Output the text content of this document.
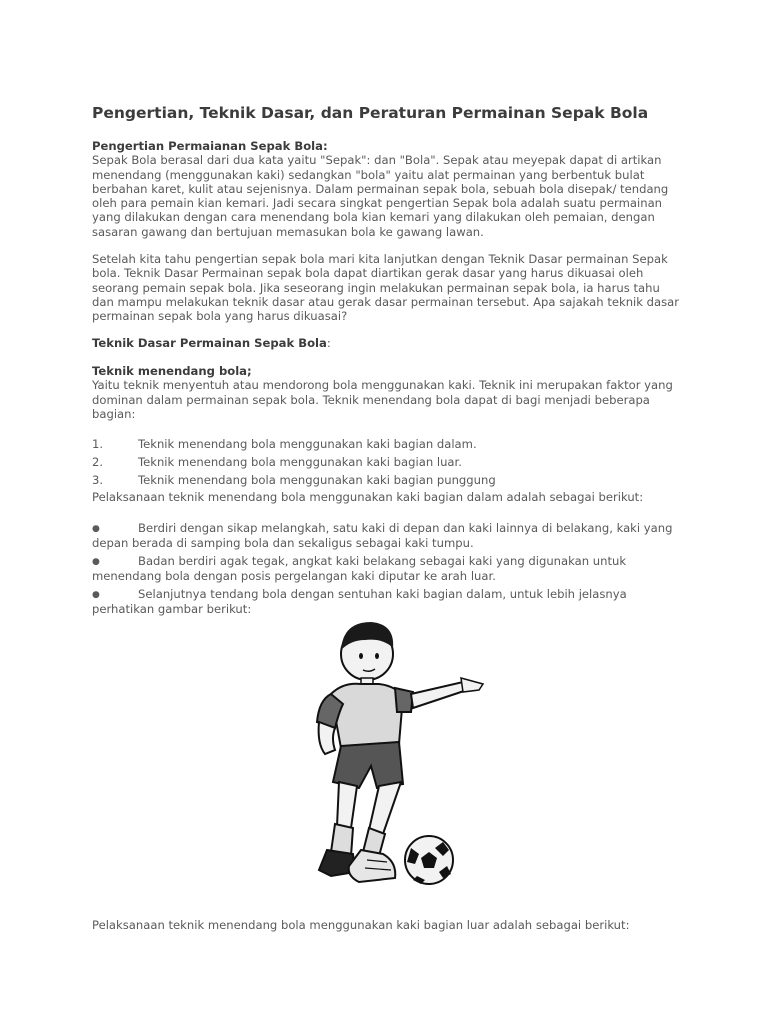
Pengertian, Teknik Dasar, dan Peraturan Permainan Sepak Bola
Pengertian Permaianan Sepak Bola:
Sepak Bola berasal dari dua kata yaitu "Sepak": dan "Bola". Sepak atau meyepak dapat di artikan menendang (menggunakan kaki) sedangkan "bola" yaitu alat permainan yang berbentuk bulat berbahan karet, kulit atau sejenisnya. Dalam permainan sepak bola, sebuah bola disepak/ tendang oleh para pemain kian kemari. Jadi secara singkat pengertian Sepak bola adalah suatu permainan yang dilakukan dengan cara menendang bola kian kemari yang dilakukan oleh pemaian, dengan sasaran gawang dan bertujuan memasukan bola ke gawang lawan.
Setelah kita tahu pengertian sepak bola mari kita lanjutkan dengan Teknik Dasar permainan Sepak bola. Teknik Dasar Permainan sepak bola dapat diartikan gerak dasar yang harus dikuasai oleh seorang pemain sepak bola. Jika seseorang ingin melakukan permainan sepak bola, ia harus tahu dan mampu melakukan teknik dasar atau gerak dasar permainan tersebut. Apa sajakah teknik dasar permainan sepak bola yang harus dikuasai?
Teknik Dasar Permainan Sepak Bola:
Teknik menendang bola;
Yaitu teknik menyentuh atau mendorong bola menggunakan kaki. Teknik ini merupakan faktor yang dominan dalam permainan sepak bola. Teknik menendang bola dapat di bagi menjadi beberapa bagian:
1.	Teknik menendang bola menggunakan kaki bagian dalam.
2.	Teknik menendang bola menggunakan kaki bagian luar.
3.	Teknik menendang bola menggunakan kaki bagian punggung
Pelaksanaan teknik menendang bola menggunakan kaki bagian dalam adalah sebagai berikut:
●	Berdiri dengan sikap melangkah, satu kaki di depan dan kaki lainnya di belakang, kaki yang depan berada di samping bola dan sekaligus sebagai kaki tumpu.
●	Badan berdiri agak tegak, angkat kaki belakang sebagai kaki yang digunakan untuk menendang bola dengan posis pergelangan kaki diputar ke arah luar.
●	Selanjutnya tendang bola dengan sentuhan kaki bagian dalam, untuk lebih jelasnya perhatikan gambar berikut:
Pelaksanaan teknik menendang bola menggunakan kaki bagian luar adalah sebagai berikut:
